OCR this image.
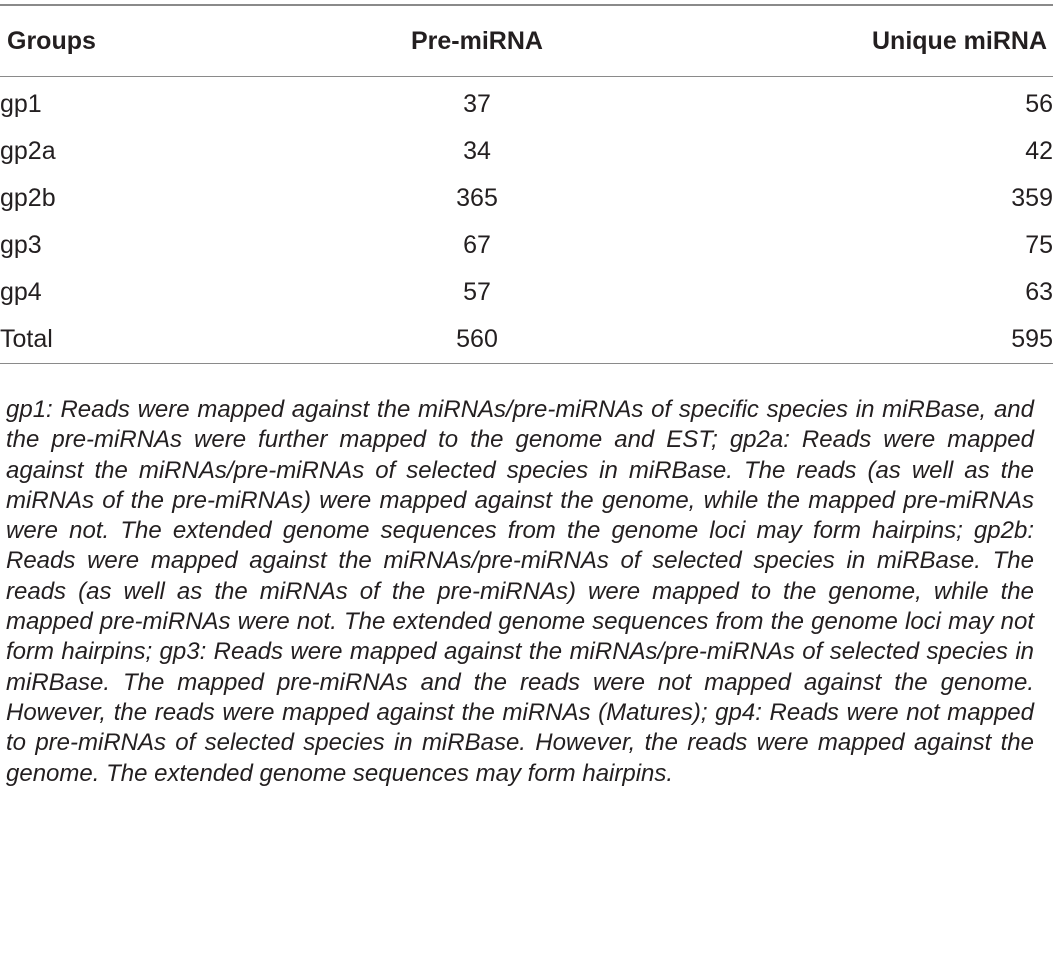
Groups	Pre-miRNA	Unique miRNA
gp1	37	56
gp2a	34	42
gp2b	365	359
gp3	67	75
gp4	57	63
Total	560	595

gp1: Reads were mapped against the miRNAs/pre-miRNAs of specific species in miRBase, and the pre-miRNAs were further mapped to the genome and EST; gp2a: Reads were mapped against the miRNAs/pre-miRNAs of selected species in miRBase. The reads (as well as the miRNAs of the pre-miRNAs) were mapped against the genome, while the mapped pre-miRNAs were not. The extended genome sequences from the genome loci may form hairpins; gp2b: Reads were mapped against the miRNAs/pre-miRNAs of selected species in miRBase. The reads (as well as the miRNAs of the pre-miRNAs) were mapped to the genome, while the mapped pre-miRNAs were not. The extended genome sequences from the genome loci may not form hairpins; gp3: Reads were mapped against the miRNAs/pre-miRNAs of selected species in miRBase. The mapped pre-miRNAs and the reads were not mapped against the genome. However, the reads were mapped against the miRNAs (Matures); gp4: Reads were not mapped to pre-miRNAs of selected species in miRBase. However, the reads were mapped against the genome. The extended genome sequences may form hairpins.
